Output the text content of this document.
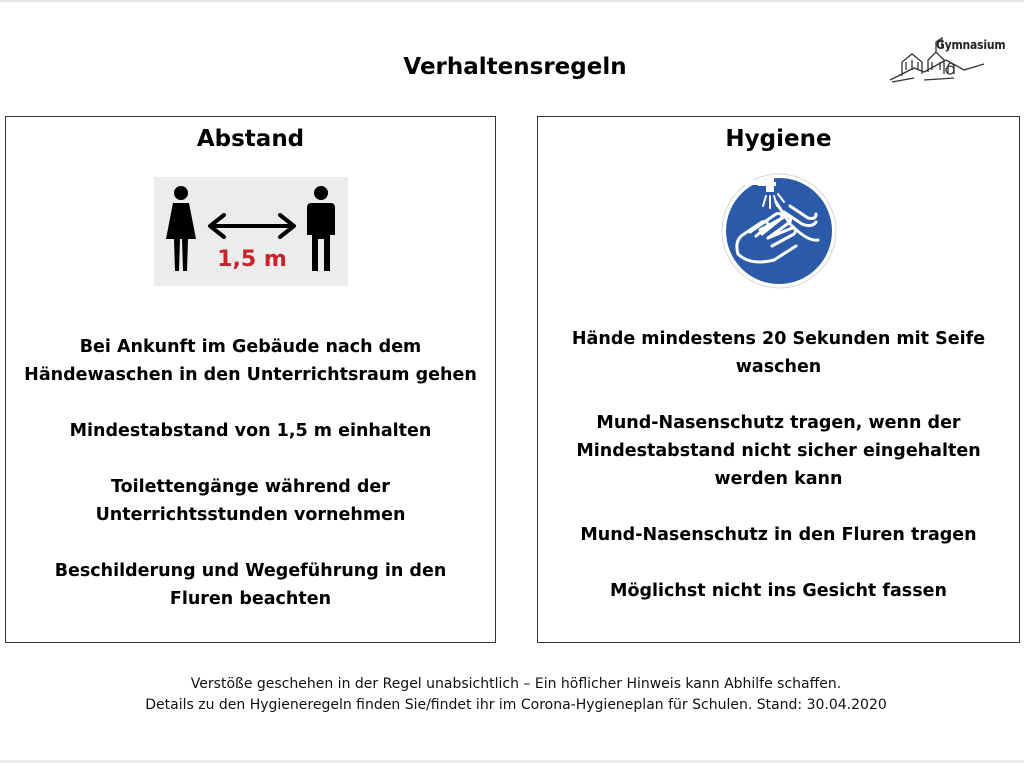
Verhaltensregeln
Gymnasium
Abstand
1,5 m

Bei Ankunft im Gebäude nach dem Händewaschen in den Unterrichtsraum gehen

Mindestabstand von 1,5 m einhalten

Toilettengänge während der Unterrichtsstunden vornehmen

Beschilderung und Wegeführung in den Fluren beachten

Hygiene

Hände mindestens 20 Sekunden mit Seife waschen

Mund-Nasenschutz tragen, wenn der Mindestabstand nicht sicher eingehalten werden kann

Mund-Nasenschutz in den Fluren tragen

Möglichst nicht ins Gesicht fassen

Verstöße geschehen in der Regel unabsichtlich – Ein höflicher Hinweis kann Abhilfe schaffen.
Details zu den Hygieneregeln finden Sie/findet ihr im Corona-Hygieneplan für Schulen. Stand: 30.04.2020
